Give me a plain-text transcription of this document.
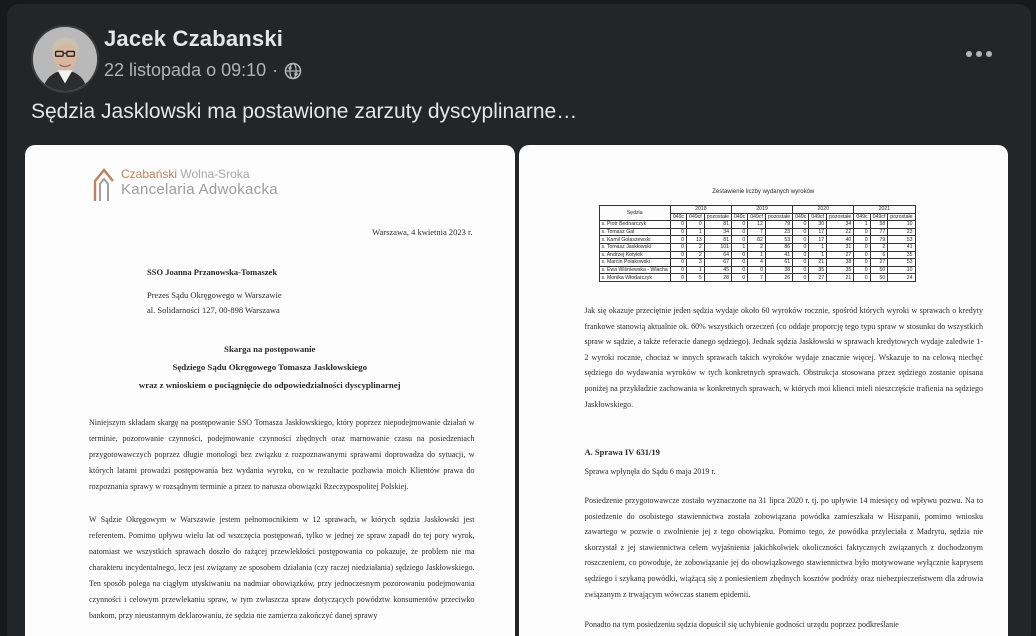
Jacek Czabanski
22 listopada o 09:10 ·
Sędzia Jasklowski ma postawione zarzuty dyscyplinarne…
Czabański Wolna-Sroka
Kancelaria Adwokacka
Warszawa, 4 kwietnia 2023 r.
SSO Joanna Przanowska-Tomaszek
Prezes Sądu Okręgowego w Warszawie
al. Solidarności 127, 00-898 Warszawa
Skarga na postępowanie
Sędziego Sądu Okręgowego Tomasza Jaskłowskiego
wraz z wnioskiem o pociągnięcie do odpowiedzialności dyscyplinarnej
Niniejszym składam skargę na postępowanie SSO Tomasza Jaskłowskiego, który poprzez niepodejmowanie działań w terminie, pozorowanie czynności, podejmowanie czynności zbędnych oraz marnowanie czasu na posiedzeniach przygotowawczych poprzez długie monologi bez związku z rozpoznawanymi sprawami doprowadza do sytuacji, w których latami prowadzi postępowania bez wydania wyroku, co w rezultacie pozbawia moich Klientów prawa do rozpoznania sprawy w rozsądnym terminie a przez to narusza obowiązki Rzeczypospolitej Polskiej.
W Sądzie Okręgowym w Warszawie jestem pełnomocnikiem w 12 sprawach, w których sędzia Jaskłowski jest referentem. Pomimo upływu wielu lat od wszczęcia postępowań, tylko w jednej ze spraw zapadł do tej pory wyrok, natomiast we wszystkich sprawach doszło do rażącej przewlekłości postępowania co pokazuje, że problem nie ma charakteru incydentalnego, lecz jest związany ze sposobem działania (czy raczej niedziałania) sędziego Jaskłowskiego. Ten sposób polega na ciągłym utyskiwaniu na nadmiar obowiązków, przy jednoczesnym pozorowaniu podejmowania czynności i celowym przewlekaniu spraw, w tym zwłaszcza spraw dotyczących powództw konsumentów przeciwko bankom, przy nieustannym deklarowaniu, że sędzia nie zamierza zakończyć danej sprawy
Zestawienie liczby wydanych wyroków
Sędzia	2018			2019			2020			2021		
	049c	049cf	pozostałe	049c	049cf	pozostałe	049c	049cf	pozostałe	049c	049cf	pozostałe
s. Piotr Bednarczyk	0	0	81	0	12	79	0	30	34	1	58	10
s. Tomasz Gal	0	1	34	0	7	23	0	17	22	0	77	23
s. Kamil Gołaszewski	0	13	81	0	82	53	0	17	40	0	79	53
s. Tomasz Jaskłowski	0	2	101	1	2	86	0	1	31	0	2	41
s. Andrzej Kotyłek	0	2	64	0	1	41	0	1	27	0	6	35
s. Marcin Polakowski	0	3	67	0	4	61	0	21	38	0	27	53
s. Ewa Wiśniewska - Wlacha	0	1	45	0	0	38	0	35	35	0	50	10
s. Monika Włodarczyk	0	5	28	0	7	26	0	27	21	0	50	24
Jak się okazuje przeciętnie jeden sędzia wydaje około 60 wyroków rocznie, spośród których wyroki w sprawach o kredyty frankowe stanowią aktualnie ok. 60% wszystkich orzeczeń (co oddaje proporcję tego typu spraw w stosunku do wszystkich spraw w sądzie, a także referacie danego sędziego). Jednak sędzia Jaskłowski w sprawach kredytowych wydaje zaledwie 1-2 wyroki rocznie, chociaż w innych sprawach takich wyroków wydaje znacznie więcej. Wskazuje to na celową niechęć sędziego do wydawania wyroków w tych konkretnych sprawach. Obstrukcja stosowana przez sędziego zostanie opisana poniżej na przykładzie zachowania w konkretnych sprawach, w których moi klienci mieli nieszczęście trafienia na sędziego Jaskłowskiego.
A. Sprawa IV 631/19
Sprawa wpłynęła do Sądu 6 maja 2019 r.
Posiedzenie przygotowawcze zostało wyznaczone na 31 lipca 2020 r. tj. po upływie 14 miesięcy od wpływu pozwu. Na to posiedzenie do osobistego stawiennictwa została zobowiązana powódka zamieszkała w Hiszpanii, pomimo wniosku zawartego w pozwie o zwolnienie jej z tego obowiązku. Pomimo tego, że powódka przyleciała z Madrytu, sędzia nie skorzystał z jej stawiennictwa celem wyjaśnienia jakichkolwiek okoliczności faktycznych związanych z dochodzonym roszczeniem, co powoduje, że zobowiązanie jej do obowiązkowego stawiennictwa było motywowane wyłącznie kaprysem sędziego i szykaną powódki, wiążącą się z poniesieniem zbędnych kosztów podróży oraz niebezpieczeństwem dla zdrowia związanym z trwającym wówczas stanem epidemii.
Ponadto na tym posiedzeniu sędzia dopuścił się uchybienie godności urzędu poprzez podkreślanie
